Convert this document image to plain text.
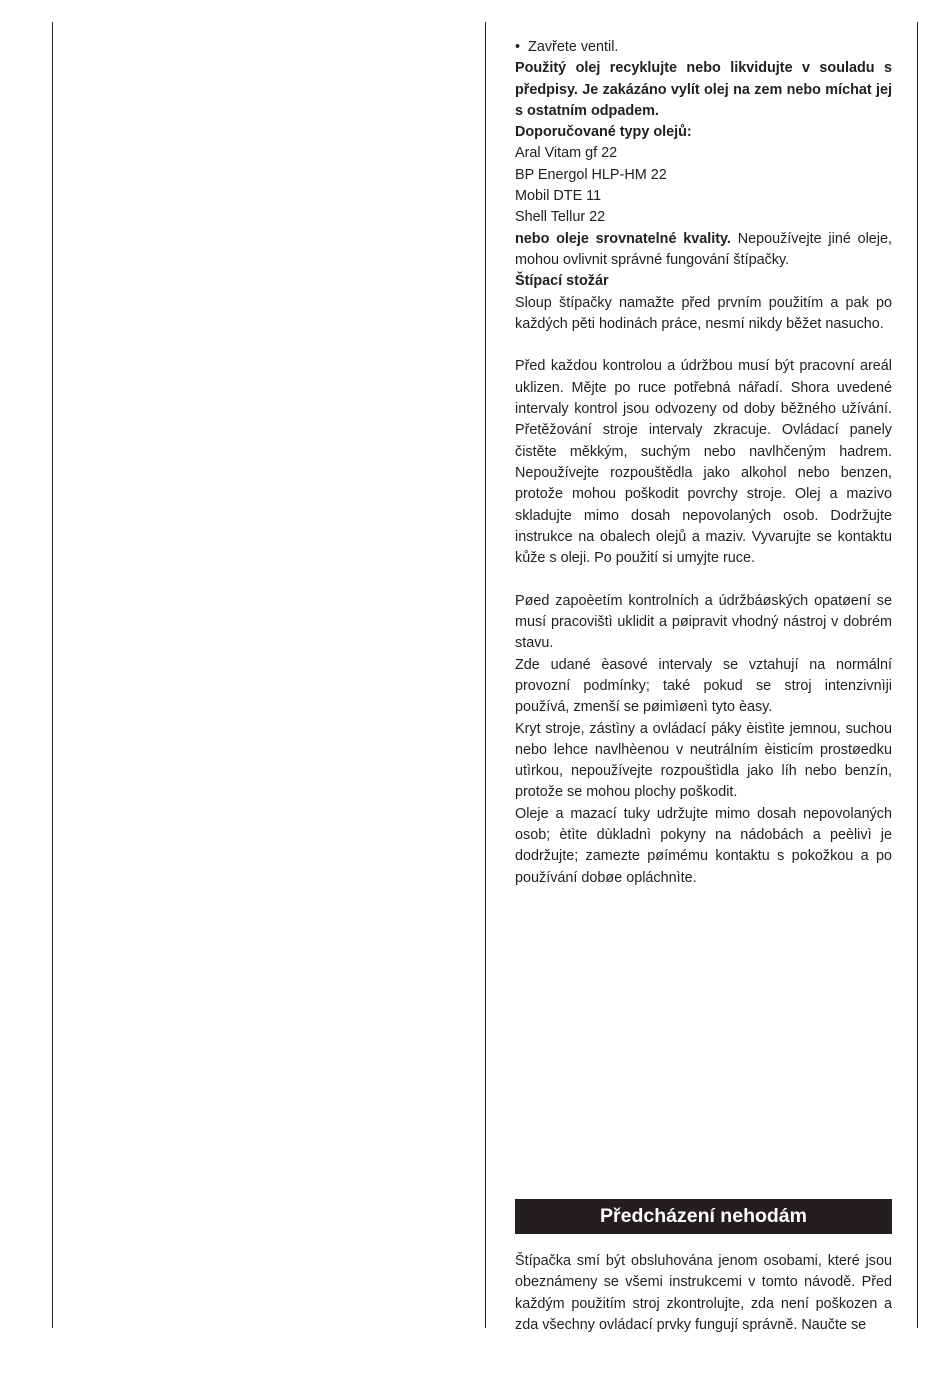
•  Zavřete ventil.

Použitý olej recyklujte nebo likvidujte v souladu s předpisy. Je zakázáno vylít olej na zem nebo míchat jej s ostatním odpadem.

Doporučované typy olejů:

Aral Vitam gf 22

BP Energol HLP-HM 22

Mobil DTE 11

Shell Tellur 22

nebo oleje srovnatelné kvality. Nepoužívejte jiné oleje, mohou ovlivnit správné fungování štípačky.

Štípací stožár

Sloup štípačky namažte před prvním použitím a pak po každých pěti hodinách práce, nesmí nikdy běžet nasucho.

Před každou kontrolou a údržbou musí být pracovní areál uklizen. Mějte po ruce potřebná nářadí. Shora uvedené intervaly kontrol jsou odvozeny od doby běžného užívání. Přetěžování stroje intervaly zkracuje. Ovládací panely čistěte měkkým, suchým nebo navlhčeným hadrem. Nepoužívejte rozpouštědla jako alkohol nebo benzen, protože mohou poškodit povrchy stroje. Olej a mazivo skladujte mimo dosah nepovolaných osob. Dodržujte instrukce na obalech olejů a maziv. Vyvarujte se kontaktu kůže s oleji. Po použití si umyjte ruce.

Pøed zapoèetím kontrolních a údržbáøských opatøení se musí pracovištì uklidit a pøipravit vhodný nástroj v dobrém stavu.

Zde udané èasové intervaly se vztahují na normální provozní podmínky; také pokud se stroj intenzivnìji používá, zmenší se pøimìøenì tyto èasy.

Kryt stroje, zástìny a ovládací páky èistìte jemnou, suchou nebo lehce navlhèenou v neutrálním èisticím prostøedku utìrkou, nepoužívejte rozpouštìdla jako líh nebo benzín, protože se mohou plochy poškodit.

Oleje a mazací tuky udržujte mimo dosah nepovolaných osob; ètìte dùkladnì pokyny na nádobách a peèlivì je dodržujte; zamezte pøímému kontaktu s pokožkou a po používání dobøe opláchnìte.

Předcházení nehodám

Štípačka smí být obsluhována jenom osobami, které jsou obeznámeny se všemi instrukcemi v tomto návodě. Před každým použitím stroj zkontrolujte, zda není poškozen a zda všechny ovládací prvky fungují správně. Naučte se
